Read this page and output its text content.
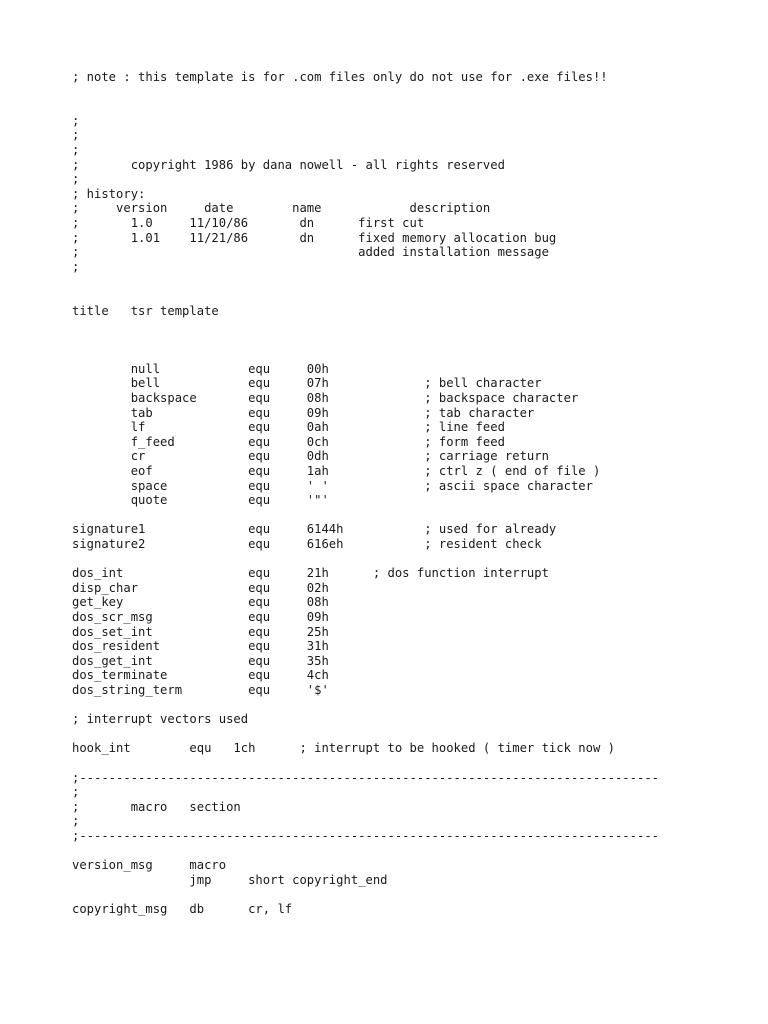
; note : this template is for .com files only do not use for .exe files!!
;
;
;
;       copyright 1986 by dana nowell - all rights reserved
;
; history:
;     version     date        name            description
;       1.0     11/10/86       dn      first cut
;       1.01    11/21/86       dn      fixed memory allocation bug
;                                      added installation message
;
title   tsr template
null            equ     00h
bell            equ     07h             ; bell character
backspace       equ     08h             ; backspace character
tab             equ     09h             ; tab character
lf              equ     0ah             ; line feed
f_feed          equ     0ch             ; form feed
cr              equ     0dh             ; carriage return
eof             equ     1ah             ; ctrl z ( end of file )
space           equ     ' '             ; ascii space character
quote           equ     '"'
signature1              equ     6144h           ; used for already
signature2              equ     616eh           ; resident check
dos_int                 equ     21h      ; dos function interrupt
disp_char               equ     02h
get_key                 equ     08h
dos_scr_msg             equ     09h
dos_set_int             equ     25h
dos_resident            equ     31h
dos_get_int             equ     35h
dos_terminate           equ     4ch
dos_string_term         equ     '$'
; interrupt vectors used
hook_int        equ   1ch      ; interrupt to be hooked ( timer tick now )
;-------------------------------------------------------------------------------
;
;       macro   section
;
;-------------------------------------------------------------------------------
version_msg     macro
jmp     short copyright_end
copyright_msg   db      cr, lf
